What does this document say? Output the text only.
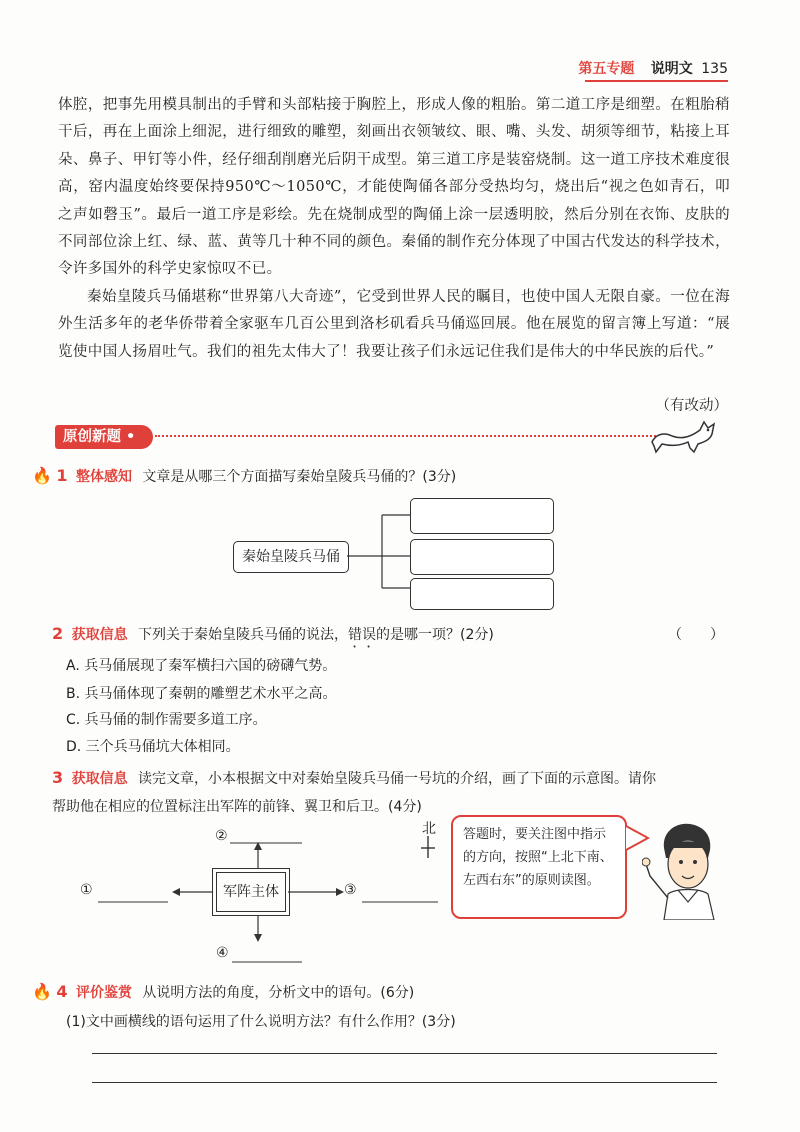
第五专题 说明文 135

体腔，把事先用模具制出的手臂和头部粘接于胸腔上，形成人像的粗胎。第二道工序是细塑。在粗胎稍干后，再在上面涂上细泥，进行细致的雕塑，刻画出衣领皱纹、眼、嘴、头发、胡须等细节，粘接上耳朵、鼻子、甲钉等小件，经仔细刮削磨光后阴干成型。第三道工序是装窑烧制。这一道工序技术难度很高，窑内温度始终要保持950℃～1050℃，才能使陶俑各部分受热均匀，烧出后“视之色如青石，叩之声如磬玉”。最后一道工序是彩绘。先在烧制成型的陶俑上涂一层透明胶，然后分别在衣饰、皮肤的不同部位涂上红、绿、蓝、黄等几十种不同的颜色。秦俑的制作充分体现了中国古代发达的科学技术，令许多国外的科学史家惊叹不已。

秦始皇陵兵马俑堪称“世界第八大奇迹”，它受到世界人民的瞩目，也使中国人无限自豪。一位在海外生活多年的老华侨带着全家驱车几百公里到洛杉矶看兵马俑巡回展。他在展览的留言簿上写道：“展览使中国人扬眉吐气。我们的祖先太伟大了！我要让孩子们永远记住我们是伟大的中华民族的后代。”

（有改动）
原创新题 •
🔥 1 整体感知 文章是从哪三个方面描写秦始皇陵兵马俑的？(3分)
秦始皇陵兵马俑
2 获取信息 下列关于秦始皇陵兵马俑的说法，错误的是哪一项？(2分)	（　　）
A. 兵马俑展现了秦军横扫六国的磅礴气势。
B. 兵马俑体现了秦朝的雕塑艺术水平之高。
C. 兵马俑的制作需要多道工序。
D. 三个兵马俑坑大体相同。
3 获取信息 读完文章，小本根据文中对秦始皇陵兵马俑一号坑的介绍，画了下面的示意图。请你
帮助他在相应的位置标注出军阵的前锋、翼卫和后卫。(4分)
军阵主体
①
②
③
④
北	答题时，要关注图中指示的方向，按照“上北下南、左西右东”的原则读图。
🔥 4 评价鉴赏 从说明方法的角度，分析文中的语句。(6分)
(1)文中画横线的语句运用了什么说明方法？有什么作用？(3分)
